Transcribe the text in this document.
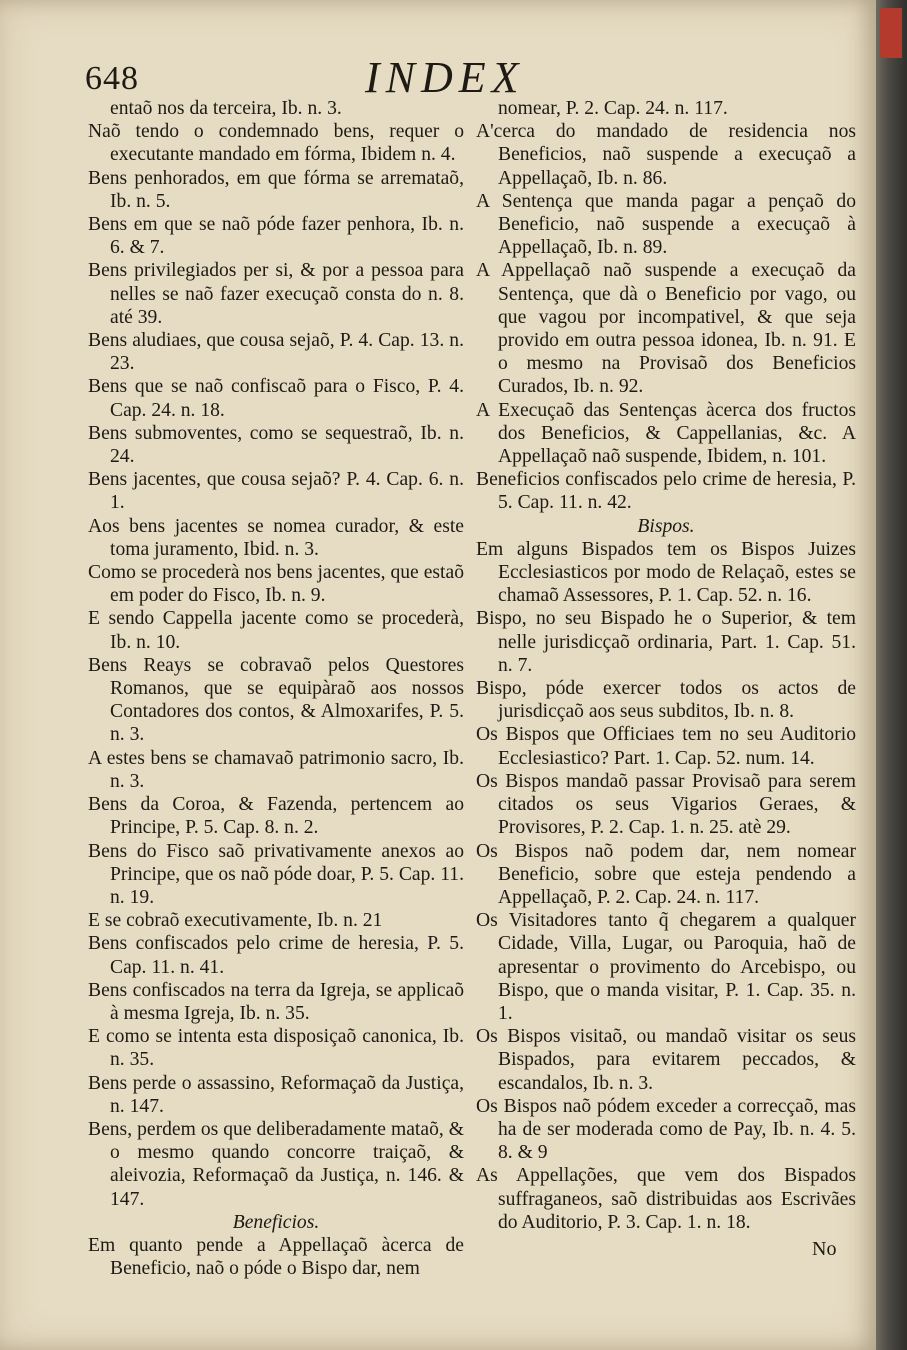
648	INDEX
entaõ nos da terceira, Ib. n. 3.
Naõ tendo o condemnado bens, requer o executante mandado em fórma, Ibidem n. 4.
Bens penhorados, em que fórma se arremataõ, Ib. n. 5.
Bens em que se naõ póde fazer penhora, Ib. n. 6. & 7.
Bens privilegiados per si, & por a pessoa para nelles se naõ fazer execuçaõ consta do n. 8. até 39.
Bens aludiaes, que cousa sejaõ, P. 4. Cap. 13. n. 23.
Bens que se naõ confiscaõ para o Fisco, P. 4. Cap. 24. n. 18.
Bens submoventes, como se sequestraõ, Ib. n. 24.
Bens jacentes, que cousa sejaõ? P. 4. Cap. 6. n. 1.
Aos bens jacentes se nomea curador, & este toma juramento, Ibid. n. 3.
Como se procederà nos bens jacentes, que estaõ em poder do Fisco, Ib. n. 9.
E sendo Cappella jacente como se procederà, Ib. n. 10.
Bens Reays se cobravaõ pelos Questores Romanos, que se equipàraõ aos nossos Contadores dos contos, & Almoxarifes, P. 5. n. 3.
A estes bens se chamavaõ patrimonio sacro, Ib. n. 3.
Bens da Coroa, & Fazenda, pertencem ao Principe, P. 5. Cap. 8. n. 2.
Bens do Fisco saõ privativamente anexos ao Principe, que os naõ póde doar, P. 5. Cap. 11. n. 19.
E se cobraõ executivamente, Ib. n. 21
Bens confiscados pelo crime de heresia, P. 5. Cap. 11. n. 41.
Bens confiscados na terra da Igreja, se applicaõ à mesma Igreja, Ib. n. 35.
E como se intenta esta disposiçaõ canonica, Ib. n. 35.
Bens perde o assassino, Reformaçaõ da Justiça, n. 147.
Bens, perdem os que deliberadamente mataõ, & o mesmo quando concorre traiçaõ, & aleivozia, Reformaçaõ da Justiça, n. 146. & 147.
Beneficios.
Em quanto pende a Appellaçaõ àcerca de Beneficio, naõ o póde o Bispo dar, nem
nomear, P. 2. Cap. 24. n. 117.
A'cerca do mandado de residencia nos Beneficios, naõ suspende a execuçaõ a Appellaçaõ, Ib. n. 86.
A Sentença que manda pagar a pençaõ do Beneficio, naõ suspende a execuçaõ à Appellaçaõ, Ib. n. 89.
A Appellaçaõ naõ suspende a execuçaõ da Sentença, que dà o Beneficio por vago, ou que vagou por incompativel, & que seja provido em outra pessoa idonea, Ib. n. 91. E o mesmo na Provisaõ dos Beneficios Curados, Ib. n. 92.
A Execuçaõ das Sentenças àcerca dos fructos dos Beneficios, & Cappellanias, &c. A Appellaçaõ naõ suspende, Ibidem, n. 101.
Beneficios confiscados pelo crime de heresia, P. 5. Cap. 11. n. 42.
Bispos.
Em alguns Bispados tem os Bispos Juizes Ecclesiasticos por modo de Relaçaõ, estes se chamaõ Assessores, P. 1. Cap. 52. n. 16.
Bispo, no seu Bispado he o Superior, & tem nelle jurisdicçaõ ordinaria, Part. 1. Cap. 51. n. 7.
Bispo, póde exercer todos os actos de jurisdicçaõ aos seus subditos, Ib. n. 8.
Os Bispos que Officiaes tem no seu Auditorio Ecclesiastico? Part. 1. Cap. 52. num. 14.
Os Bispos mandaõ passar Provisaõ para serem citados os seus Vigarios Geraes, & Provisores, P. 2. Cap. 1. n. 25. atè 29.
Os Bispos naõ podem dar, nem nomear Beneficio, sobre que esteja pendendo a Appellaçaõ, P. 2. Cap. 24. n. 117.
Os Visitadores tanto q̃ chegarem a qualquer Cidade, Villa, Lugar, ou Paroquia, haõ de apresentar o provimento do Arcebispo, ou Bispo, que o manda visitar, P. 1. Cap. 35. n. 1.
Os Bispos visitaõ, ou mandaõ visitar os seus Bispados, para evitarem peccados, & escandalos, Ib. n. 3.
Os Bispos naõ pódem exceder a correcçaõ, mas ha de ser moderada como de Pay, Ib. n. 4. 5. 8. & 9
As Appellações, que vem dos Bispados suffraganeos, saõ distribuidas aos Escrivães do Auditorio, P. 3. Cap. 1. n. 18.
No
